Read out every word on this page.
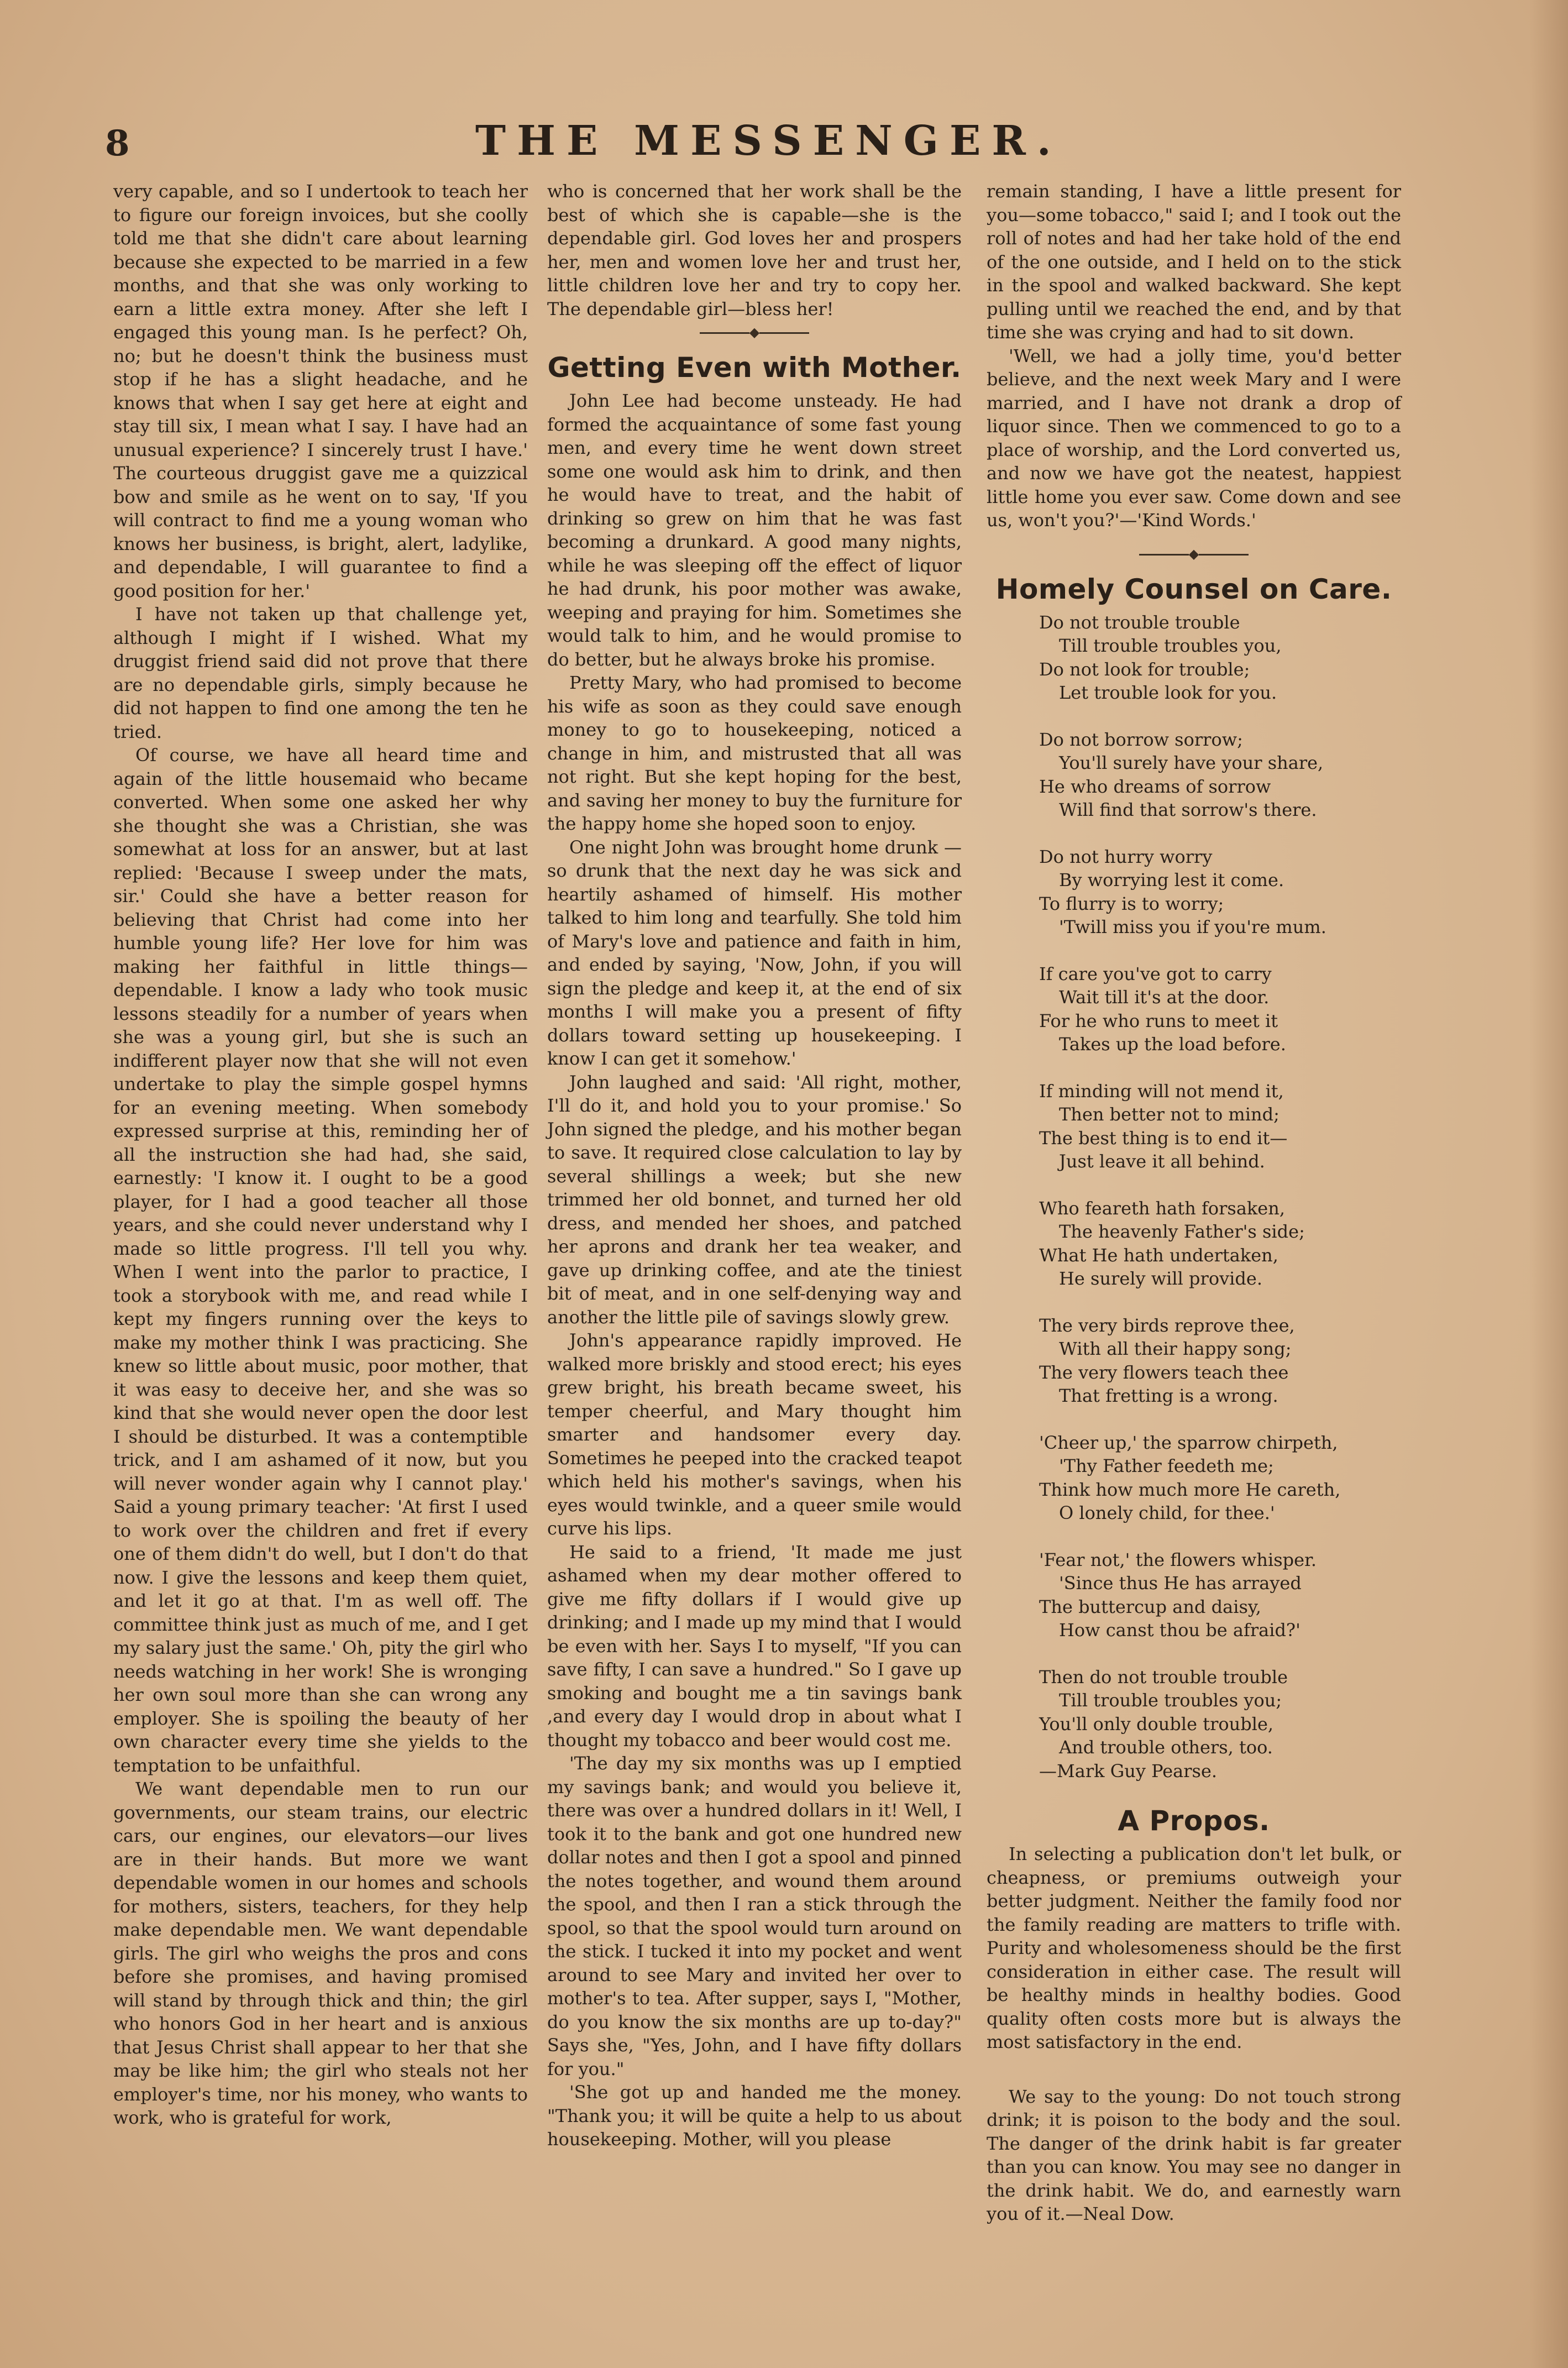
8	THE MESSENGER.

very capable, and so I undertook to teach her to figure our foreign invoices, but she coolly told me that she didn't care about learning because she expected to be married in a few months, and that she was only working to earn a little extra money. After she left I engaged this young man. Is he perfect? Oh, no; but he doesn't think the business must stop if he has a slight headache, and he knows that when I say get here at eight and stay till six, I mean what I say. I have had an unusual experience? I sincerely trust I have.' The courteous druggist gave me a quizzical bow and smile as he went on to say, 'If you will contract to find me a young woman who knows her business, is bright, alert, ladylike, and dependable, I will guarantee to find a good position for her.'

I have not taken up that challenge yet, although I might if I wished. What my druggist friend said did not prove that there are no dependable girls, simply because he did not happen to find one among the ten he tried.

Of course, we have all heard time and again of the little housemaid who became converted. When some one asked her why she thought she was a Christian, she was somewhat at loss for an answer, but at last replied: 'Because I sweep under the mats, sir.' Could she have a better reason for believing that Christ had come into her humble young life? Her love for him was making her faithful in little things—dependable. I know a lady who took music lessons steadily for a number of years when she was a young girl, but she is such an indifferent player now that she will not even undertake to play the simple gospel hymns for an evening meeting. When somebody expressed surprise at this, reminding her of all the instruction she had had, she said, earnestly: 'I know it. I ought to be a good player, for I had a good teacher all those years, and she could never understand why I made so little progress. I'll tell you why. When I went into the parlor to practice, I took a storybook with me, and read while I kept my fingers running over the keys to make my mother think I was practicing. She knew so little about music, poor mother, that it was easy to deceive her, and she was so kind that she would never open the door lest I should be disturbed. It was a contemptible trick, and I am ashamed of it now, but you will never wonder again why I cannot play.' Said a young primary teacher: 'At first I used to work over the children and fret if every one of them didn't do well, but I don't do that now. I give the lessons and keep them quiet, and let it go at that. I'm as well off. The committee think just as much of me, and I get my salary just the same.' Oh, pity the girl who needs watching in her work! She is wronging her own soul more than she can wrong any employer. She is spoiling the beauty of her own character every time she yields to the temptation to be unfaithful.

We want dependable men to run our governments, our steam trains, our electric cars, our engines, our elevators—our lives are in their hands. But more we want dependable women in our homes and schools for mothers, sisters, teachers, for they help make dependable men. We want dependable girls. The girl who weighs the pros and cons before she promises, and having promised will stand by through thick and thin; the girl who honors God in her heart and is anxious that Jesus Christ shall appear to her that she may be like him; the girl who steals not her employer's time, nor his money, who wants to work, who is grateful for work,

who is concerned that her work shall be the best of which she is capable—she is the dependable girl. God loves her and prospers her, men and women love her and trust her, little children love her and try to copy her. The dependable girl—bless her!

◆
Getting Even with Mother.

John Lee had become unsteady. He had formed the acquaintance of some fast young men, and every time he went down street some one would ask him to drink, and then he would have to treat, and the habit of drinking so grew on him that he was fast becoming a drunkard. A good many nights, while he was sleeping off the effect of liquor he had drunk, his poor mother was awake, weeping and praying for him. Sometimes she would talk to him, and he would promise to do better, but he always broke his promise.

Pretty Mary, who had promised to become his wife as soon as they could save enough money to go to housekeeping, noticed a change in him, and mistrusted that all was not right. But she kept hoping for the best, and saving her money to buy the furniture for the happy home she hoped soon to enjoy.

One night John was brought home drunk —so drunk that the next day he was sick and heartily ashamed of himself. His mother talked to him long and tearfully. She told him of Mary's love and patience and faith in him, and ended by saying, 'Now, John, if you will sign the pledge and keep it, at the end of six months I will make you a present of fifty dollars toward setting up housekeeping. I know I can get it somehow.'

John laughed and said: 'All right, mother, I'll do it, and hold you to your promise.' So John signed the pledge, and his mother began to save. It required close calculation to lay by several shillings a week; but she new trimmed her old bonnet, and turned her old dress, and mended her shoes, and patched her aprons and drank her tea weaker, and gave up drinking coffee, and ate the tiniest bit of meat, and in one self-denying way and another the little pile of savings slowly grew.

John's appearance rapidly improved. He walked more briskly and stood erect; his eyes grew bright, his breath became sweet, his temper cheerful, and Mary thought him smarter and handsomer every day. Sometimes he peeped into the cracked teapot which held his mother's savings, when his eyes would twinkle, and a queer smile would curve his lips.

He said to a friend, 'It made me just ashamed when my dear mother offered to give me fifty dollars if I would give up drinking; and I made up my mind that I would be even with her. Says I to myself, "If you can save fifty, I can save a hundred." So I gave up smoking and bought me a tin savings bank ,and every day I would drop in about what I thought my tobacco and beer would cost me.

'The day my six months was up I emptied my savings bank; and would you believe it, there was over a hundred dollars in it! Well, I took it to the bank and got one hundred new dollar notes and then I got a spool and pinned the notes together, and wound them around the spool, and then I ran a stick through the spool, so that the spool would turn around on the stick. I tucked it into my pocket and went around to see Mary and invited her over to mother's to tea. After supper, says I, "Mother, do you know the six months are up to-day?" Says she, "Yes, John, and I have fifty dollars for you."

'She got up and handed me the money. "Thank you; it will be quite a help to us about housekeeping. Mother, will you please

remain standing, I have a little present for you—some tobacco," said I; and I took out the roll of notes and had her take hold of the end of the one outside, and I held on to the stick in the spool and walked backward. She kept pulling until we reached the end, and by that time she was crying and had to sit down.

'Well, we had a jolly time, you'd better believe, and the next week Mary and I were married, and I have not drank a drop of liquor since. Then we commenced to go to a place of worship, and the Lord converted us, and now we have got the neatest, happiest little home you ever saw. Come down and see us, won't you?'—'Kind Words.'

◆
Homely Counsel on Care.
Do not trouble trouble
Till trouble troubles you,
Do not look for trouble;
Let trouble look for you.
Do not borrow sorrow;
You'll surely have your share,
He who dreams of sorrow
Will find that sorrow's there.
Do not hurry worry
By worrying lest it come.
To flurry is to worry;
'Twill miss you if you're mum.
If care you've got to carry
Wait till it's at the door.
For he who runs to meet it
Takes up the load before.
If minding will not mend it,
Then better not to mind;
The best thing is to end it—
Just leave it all behind.
Who feareth hath forsaken,
The heavenly Father's side;
What He hath undertaken,
He surely will provide.
The very birds reprove thee,
With all their happy song;
The very flowers teach thee
That fretting is a wrong.
'Cheer up,' the sparrow chirpeth,
'Thy Father feedeth me;
Think how much more He careth,
O lonely child, for thee.'
'Fear not,' the flowers whisper.
'Since thus He has arrayed
The buttercup and daisy,
How canst thou be afraid?'
Then do not trouble trouble
Till trouble troubles you;
You'll only double trouble,
And trouble others, too.
—Mark Guy Pearse.
A Propos.

In selecting a publication don't let bulk, or cheapness, or premiums outweigh your better judgment. Neither the family food nor the family reading are matters to trifle with. Purity and wholesomeness should be the first consideration in either case. The result will be healthy minds in healthy bodies. Good quality often costs more but is always the most satisfactory in the end.

We say to the young: Do not touch strong drink; it is poison to the body and the soul. The danger of the drink habit is far greater than you can know. You may see no danger in the drink habit. We do, and earnestly warn you of it.—Neal Dow.
